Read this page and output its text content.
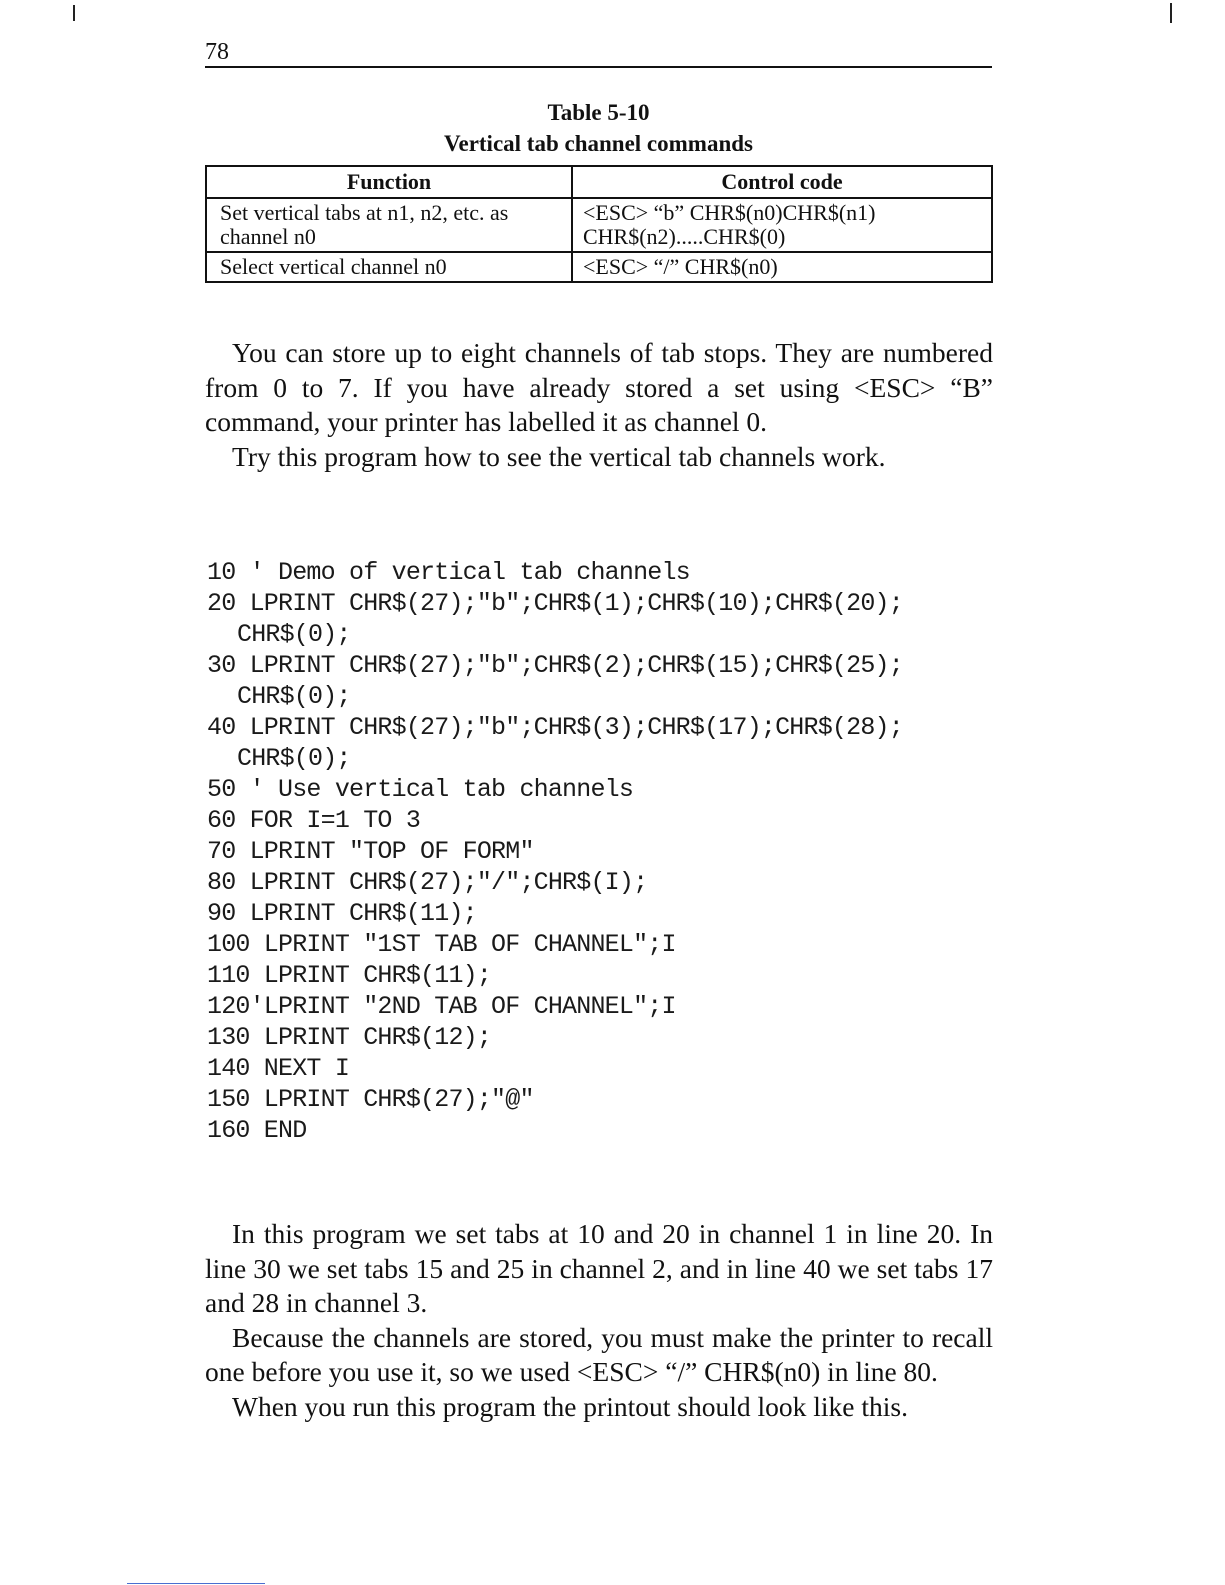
78
Table 5-10
Vertical tab channel commands
Function	Control code
Set vertical tabs at n1, n2, etc. as channel n0	<ESC> “b” CHR$(n0)CHR$(n1) CHR$(n2).....CHR$(0)
Select vertical channel n0	<ESC> “/” CHR$(n0)

You can store up to eight channels of tab stops. They are numbered from 0 to 7. If you have already stored a set using <ESC> “B” command, your printer has labelled it as channel 0.

Try this program how to see the vertical tab channels work.

10 ' Demo of vertical tab channels
20 LPRINT CHR$(27);"b";CHR$(1);CHR$(10);CHR$(20);
CHR$(0);
30 LPRINT CHR$(27);"b";CHR$(2);CHR$(15);CHR$(25);
CHR$(0);
40 LPRINT CHR$(27);"b";CHR$(3);CHR$(17);CHR$(28);
CHR$(0);
50 ' Use vertical tab channels
60 FOR I=1 TO 3
70 LPRINT "TOP OF FORM"
80 LPRINT CHR$(27);"/";CHR$(I);
90 LPRINT CHR$(11);
100 LPRINT "1ST TAB OF CHANNEL";I
110 LPRINT CHR$(11);
120'LPRINT "2ND TAB OF CHANNEL";I
130 LPRINT CHR$(12);
140 NEXT I
150 LPRINT CHR$(27);"@"
160 END

In this program we set tabs at 10 and 20 in channel 1 in line 20. In line 30 we set tabs 15 and 25 in channel 2, and in line 40 we set tabs 17 and 28 in channel 3.

Because the channels are stored, you must make the printer to recall one before you use it, so we used <ESC> “/” CHR$(n0) in line 80.

When you run this program the printout should look like this.
